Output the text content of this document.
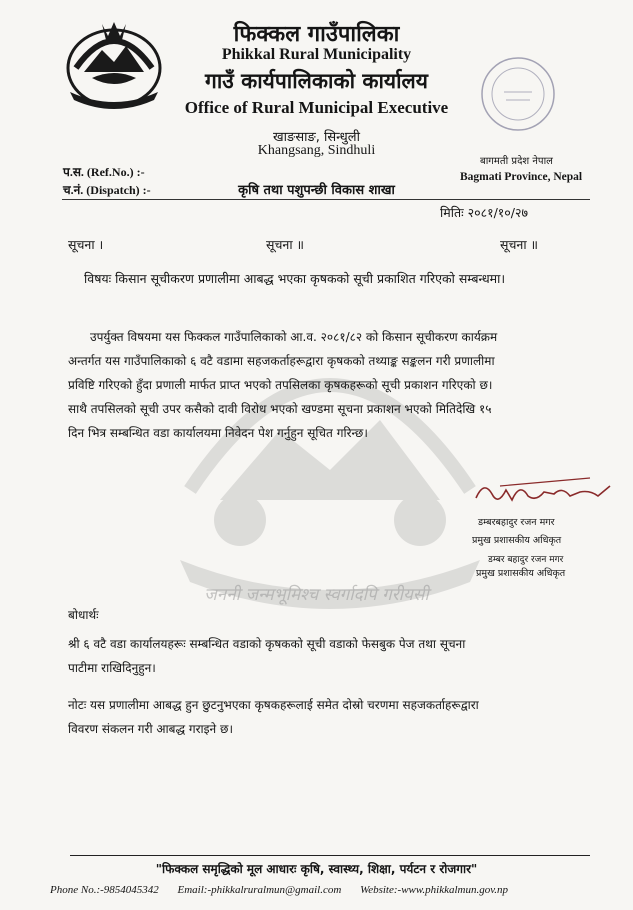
फिक्कल गाउँपालिका
Phikkal Rural Municipality
गाउँ कार्यपालिकाको कार्यालय
Office of Rural Municipal Executive
खाङसाङ, सिन्धुली
Khangsang, Sindhuli
बागमती प्रदेश नेपाल
Bagmati Province, Nepal
प.स. (Ref.No.) :-
च.नं. (Dispatch) :-	कृषि तथा पशुपन्छी विकास शाखा
मितिः २०८१/१०/२७
सूचना ।	सूचना ॥	सूचना ॥
विषयः किसान सूचीकरण प्रणालीमा आबद्ध भएका कृषकको सूची प्रकाशित गरिएको सम्बन्धमा।
जननी जन्मभूमिश्च स्वर्गादपि गरीयसी
उपर्युक्त विषयमा यस फिक्कल गाउँपालिकाको आ.व. २०८१/८२ को किसान सूचीकरण कार्यक्रम
अन्तर्गत यस गाउँपालिकाको ६ वटै वडामा सहजकर्ताहरूद्वारा कृषकको तथ्याङ्क सङ्कलन गरी प्रणालीमा
प्रविष्टि गरिएको हुँदा प्रणाली मार्फत प्राप्त भएको तपसिलका कृषकहरूको सूची प्रकाशन गरिएको छ।
साथै तपसिलको सूची उपर कसैको दावी विरोध भएको खण्डमा सूचना प्रकाशन भएको मितिदेखि १५
दिन भित्र सम्बन्धित वडा कार्यालयमा निवेदन पेश गर्नुहुन सूचित गरिन्छ।
डम्बरबहादुर रजन मगर
प्रमुख प्रशासकीय अधिकृत
डम्बर बहादुर रजन मगर
प्रमुख प्रशासकीय अधिकृत
बोधार्थः
श्री ६ वटै वडा कार्यालयहरूः सम्बन्धित वडाको कृषकको सूची वडाको फेसबुक पेज तथा सूचना
पाटीमा राखिदिनुहुन।
नोटः यस प्रणालीमा आबद्ध हुन छुटनुभएका कृषकहरूलाई समेत दोस्रो चरणमा सहजकर्ताहरूद्वारा
विवरण संकलन गरी आबद्ध गराइने छ।
"फिक्कल समृद्धिको मूल आधारः कृषि, स्वास्थ्य, शिक्षा, पर्यटन र रोजगार"
Phone No.:-9854045342 Email:-phikkalruralmun@gmail.com Website:-www.phikkalmun.gov.np
